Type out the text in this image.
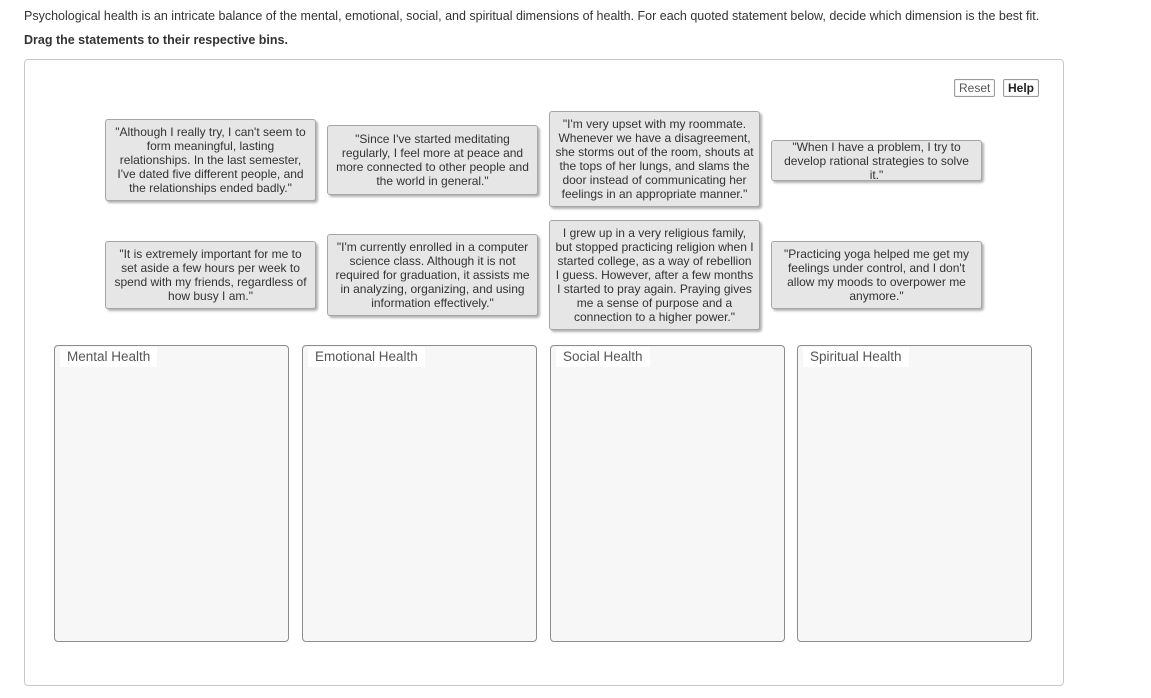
Psychological health is an intricate balance of the mental, emotional, social, and spiritual dimensions of health. For each quoted statement below, decide which dimension is the best fit.
Drag the statements to their respective bins.
Reset	Help
"Although I really try, I can't seem to form meaningful, lasting relationships. In the last semester, I've dated five different people, and the relationships ended badly."
"Since I've started meditating regularly, I feel more at peace and more connected to other people and the world in general."
"I'm very upset with my roommate. Whenever we have a disagreement, she storms out of the room, shouts at the tops of her lungs, and slams the door instead of communicating her feelings in an appropriate manner."
"When I have a problem, I try to develop rational strategies to solve it."
"It is extremely important for me to set aside a few hours per week to spend with my friends, regardless of how busy I am."
"I'm currently enrolled in a computer science class. Although it is not required for graduation, it assists me in analyzing, organizing, and using information effectively."
I grew up in a very religious family, but stopped practicing religion when I started college, as a way of rebellion I guess. However, after a few months I started to pray again. Praying gives me a sense of purpose and a connection to a higher power."
"Practicing yoga helped me get my feelings under control, and I don't allow my moods to overpower me anymore."
Mental Health	Emotional Health	Social Health	Spiritual Health
